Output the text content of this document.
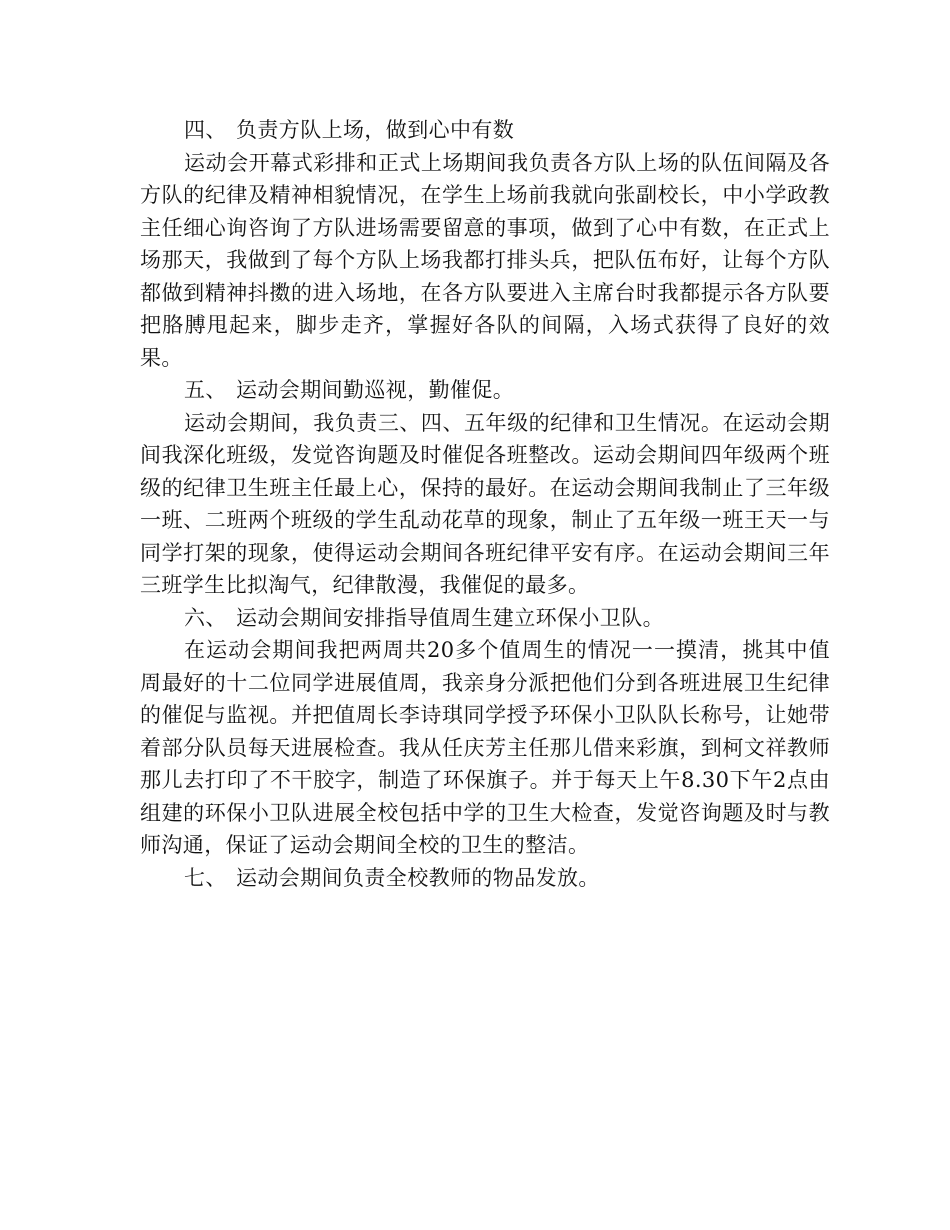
四、 负责方队上场，做到心中有数

运动会开幕式彩排和正式上场期间我负责各方队上场的队伍间隔及各方队的纪律及精神相貌情况，在学生上场前我就向张副校长，中小学政教主任细心询咨询了方队进场需要留意的事项，做到了心中有数，在正式上场那天，我做到了每个方队上场我都打排头兵，把队伍布好，让每个方队都做到精神抖擞的进入场地，在各方队要进入主席台时我都提示各方队要把胳膊甩起来，脚步走齐，掌握好各队的间隔，入场式获得了良好的效果。

五、 运动会期间勤巡视，勤催促。

运动会期间，我负责三、四、五年级的纪律和卫生情况。在运动会期间我深化班级，发觉咨询题及时催促各班整改。运动会期间四年级两个班级的纪律卫生班主任最上心，保持的最好。在运动会期间我制止了三年级一班、二班两个班级的学生乱动花草的现象，制止了五年级一班王天一与同学打架的现象，使得运动会期间各班纪律平安有序。在运动会期间三年三班学生比拟淘气，纪律散漫，我催促的最多。

六、 运动会期间安排指导值周生建立环保小卫队。

在运动会期间我把两周共20多个值周生的情况一一摸清，挑其中值周最好的十二位同学进展值周，我亲身分派把他们分到各班进展卫生纪律的催促与监视。并把值周长李诗琪同学授予环保小卫队队长称号，让她带着部分队员每天进展检查。我从任庆芳主任那儿借来彩旗，到柯文祥教师那儿去打印了不干胶字，制造了环保旗子。并于每天上午8.30下午2点由组建的环保小卫队进展全校包括中学的卫生大检查，发觉咨询题及时与教师沟通，保证了运动会期间全校的卫生的整洁。

七、 运动会期间负责全校教师的物品发放。
